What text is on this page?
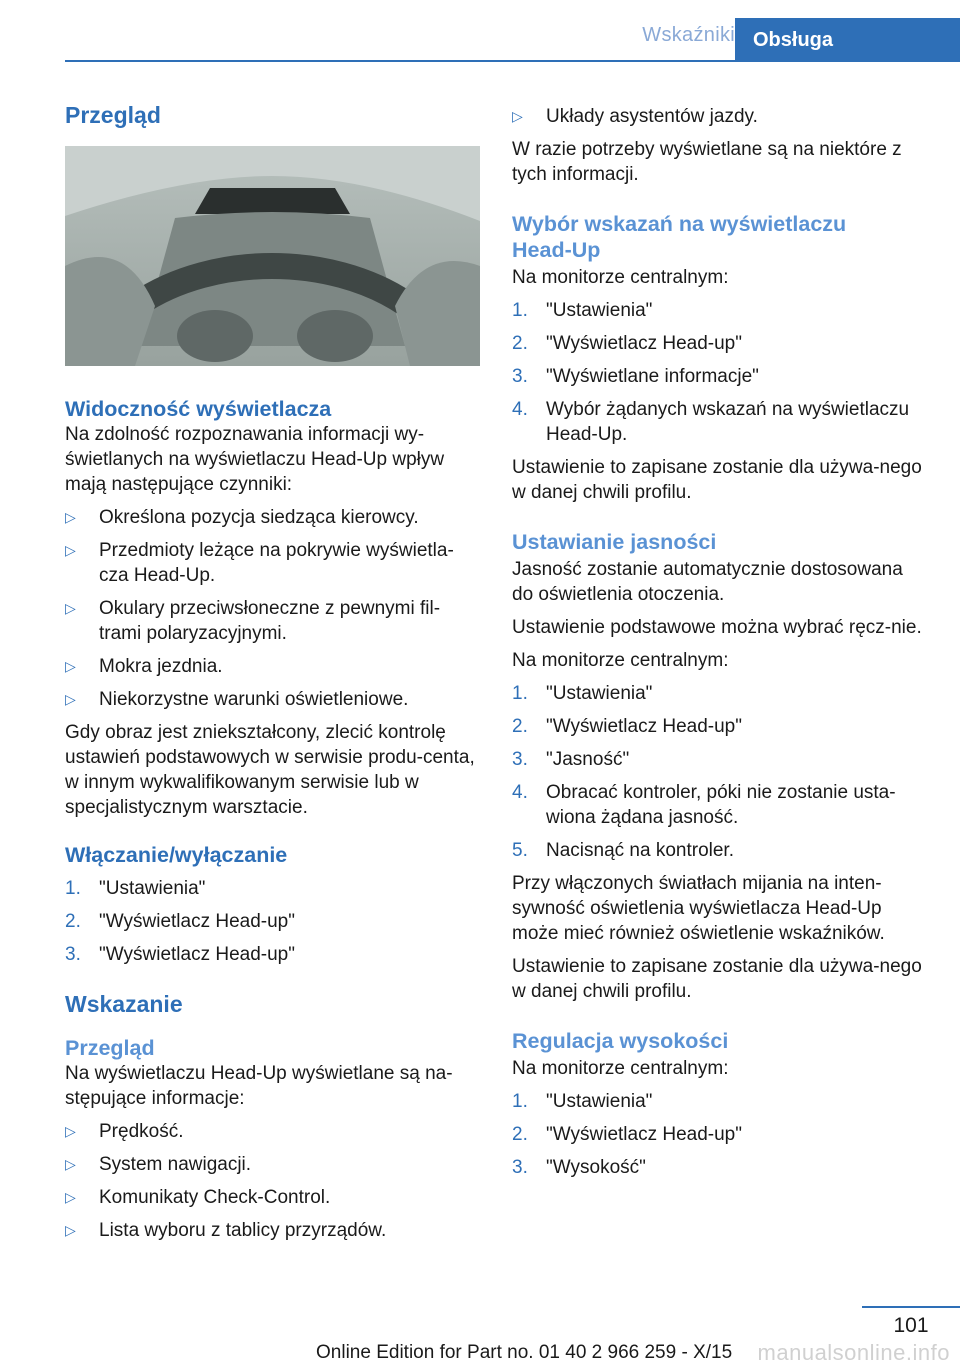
Wskaźniki Obsługa
Przegląd
Widoczność wyświetlacza

Na zdolność rozpoznawania informacji wy-świetlanych na wyświetlaczu Head-Up wpływ mają następujące czynniki:

▷ Określona pozycja siedząca kierowcy.
▷ Przedmioty leżące na pokrywie wyświetla-cza Head-Up.
▷ Okulary przeciwsłoneczne z pewnymi fil-trami polaryzacyjnymi.
▷ Mokra jezdnia.
▷ Niekorzystne warunki oświetleniowe.

Gdy obraz jest zniekształcony, zlecić kontrolę ustawień podstawowych w serwisie produ-centa, w innym wykwalifikowanym serwisie lub w specjalistycznym warsztacie.

Włączanie/wyłączanie
1. "Ustawienia"
2. "Wyświetlacz Head-up"
3. "Wyświetlacz Head-up"
Wskazanie
Przegląd

Na wyświetlaczu Head-Up wyświetlane są na-stępujące informacje:

▷ Prędkość.
▷ System nawigacji.
▷ Komunikaty Check-Control.
▷ Lista wyboru z tablicy przyrządów.
▷ Układy asystentów jazdy.

W razie potrzeby wyświetlane są na niektóre z tych informacji.

Wybór wskazań na wyświetlaczu Head-Up

Na monitorze centralnym:

1. "Ustawienia"
2. "Wyświetlacz Head-up"
3. "Wyświetlane informacje"
4. Wybór żądanych wskazań na wyświetlaczu Head-Up.

Ustawienie to zapisane zostanie dla używa-nego w danej chwili profilu.

Ustawianie jasności

Jasność zostanie automatycznie dostosowana do oświetlenia otoczenia.

Ustawienie podstawowe można wybrać ręcz-nie.

Na monitorze centralnym:

1. "Ustawienia"
2. "Wyświetlacz Head-up"
3. "Jasność"
4. Obracać kontroler, póki nie zostanie usta-wiona żądana jasność.
5. Nacisnąć na kontroler.

Przy włączonych światłach mijania na inten-sywność oświetlenia wyświetlacza Head-Up może mieć również oświetlenie wskaźników.

Ustawienie to zapisane zostanie dla używa-nego w danej chwili profilu.

Regulacja wysokości

Na monitorze centralnym:

1. "Ustawienia"
2. "Wyświetlacz Head-up"
3. "Wysokość"
101
Online Edition for Part no. 01 40 2 966 259 - X/15 manualsonline.info
